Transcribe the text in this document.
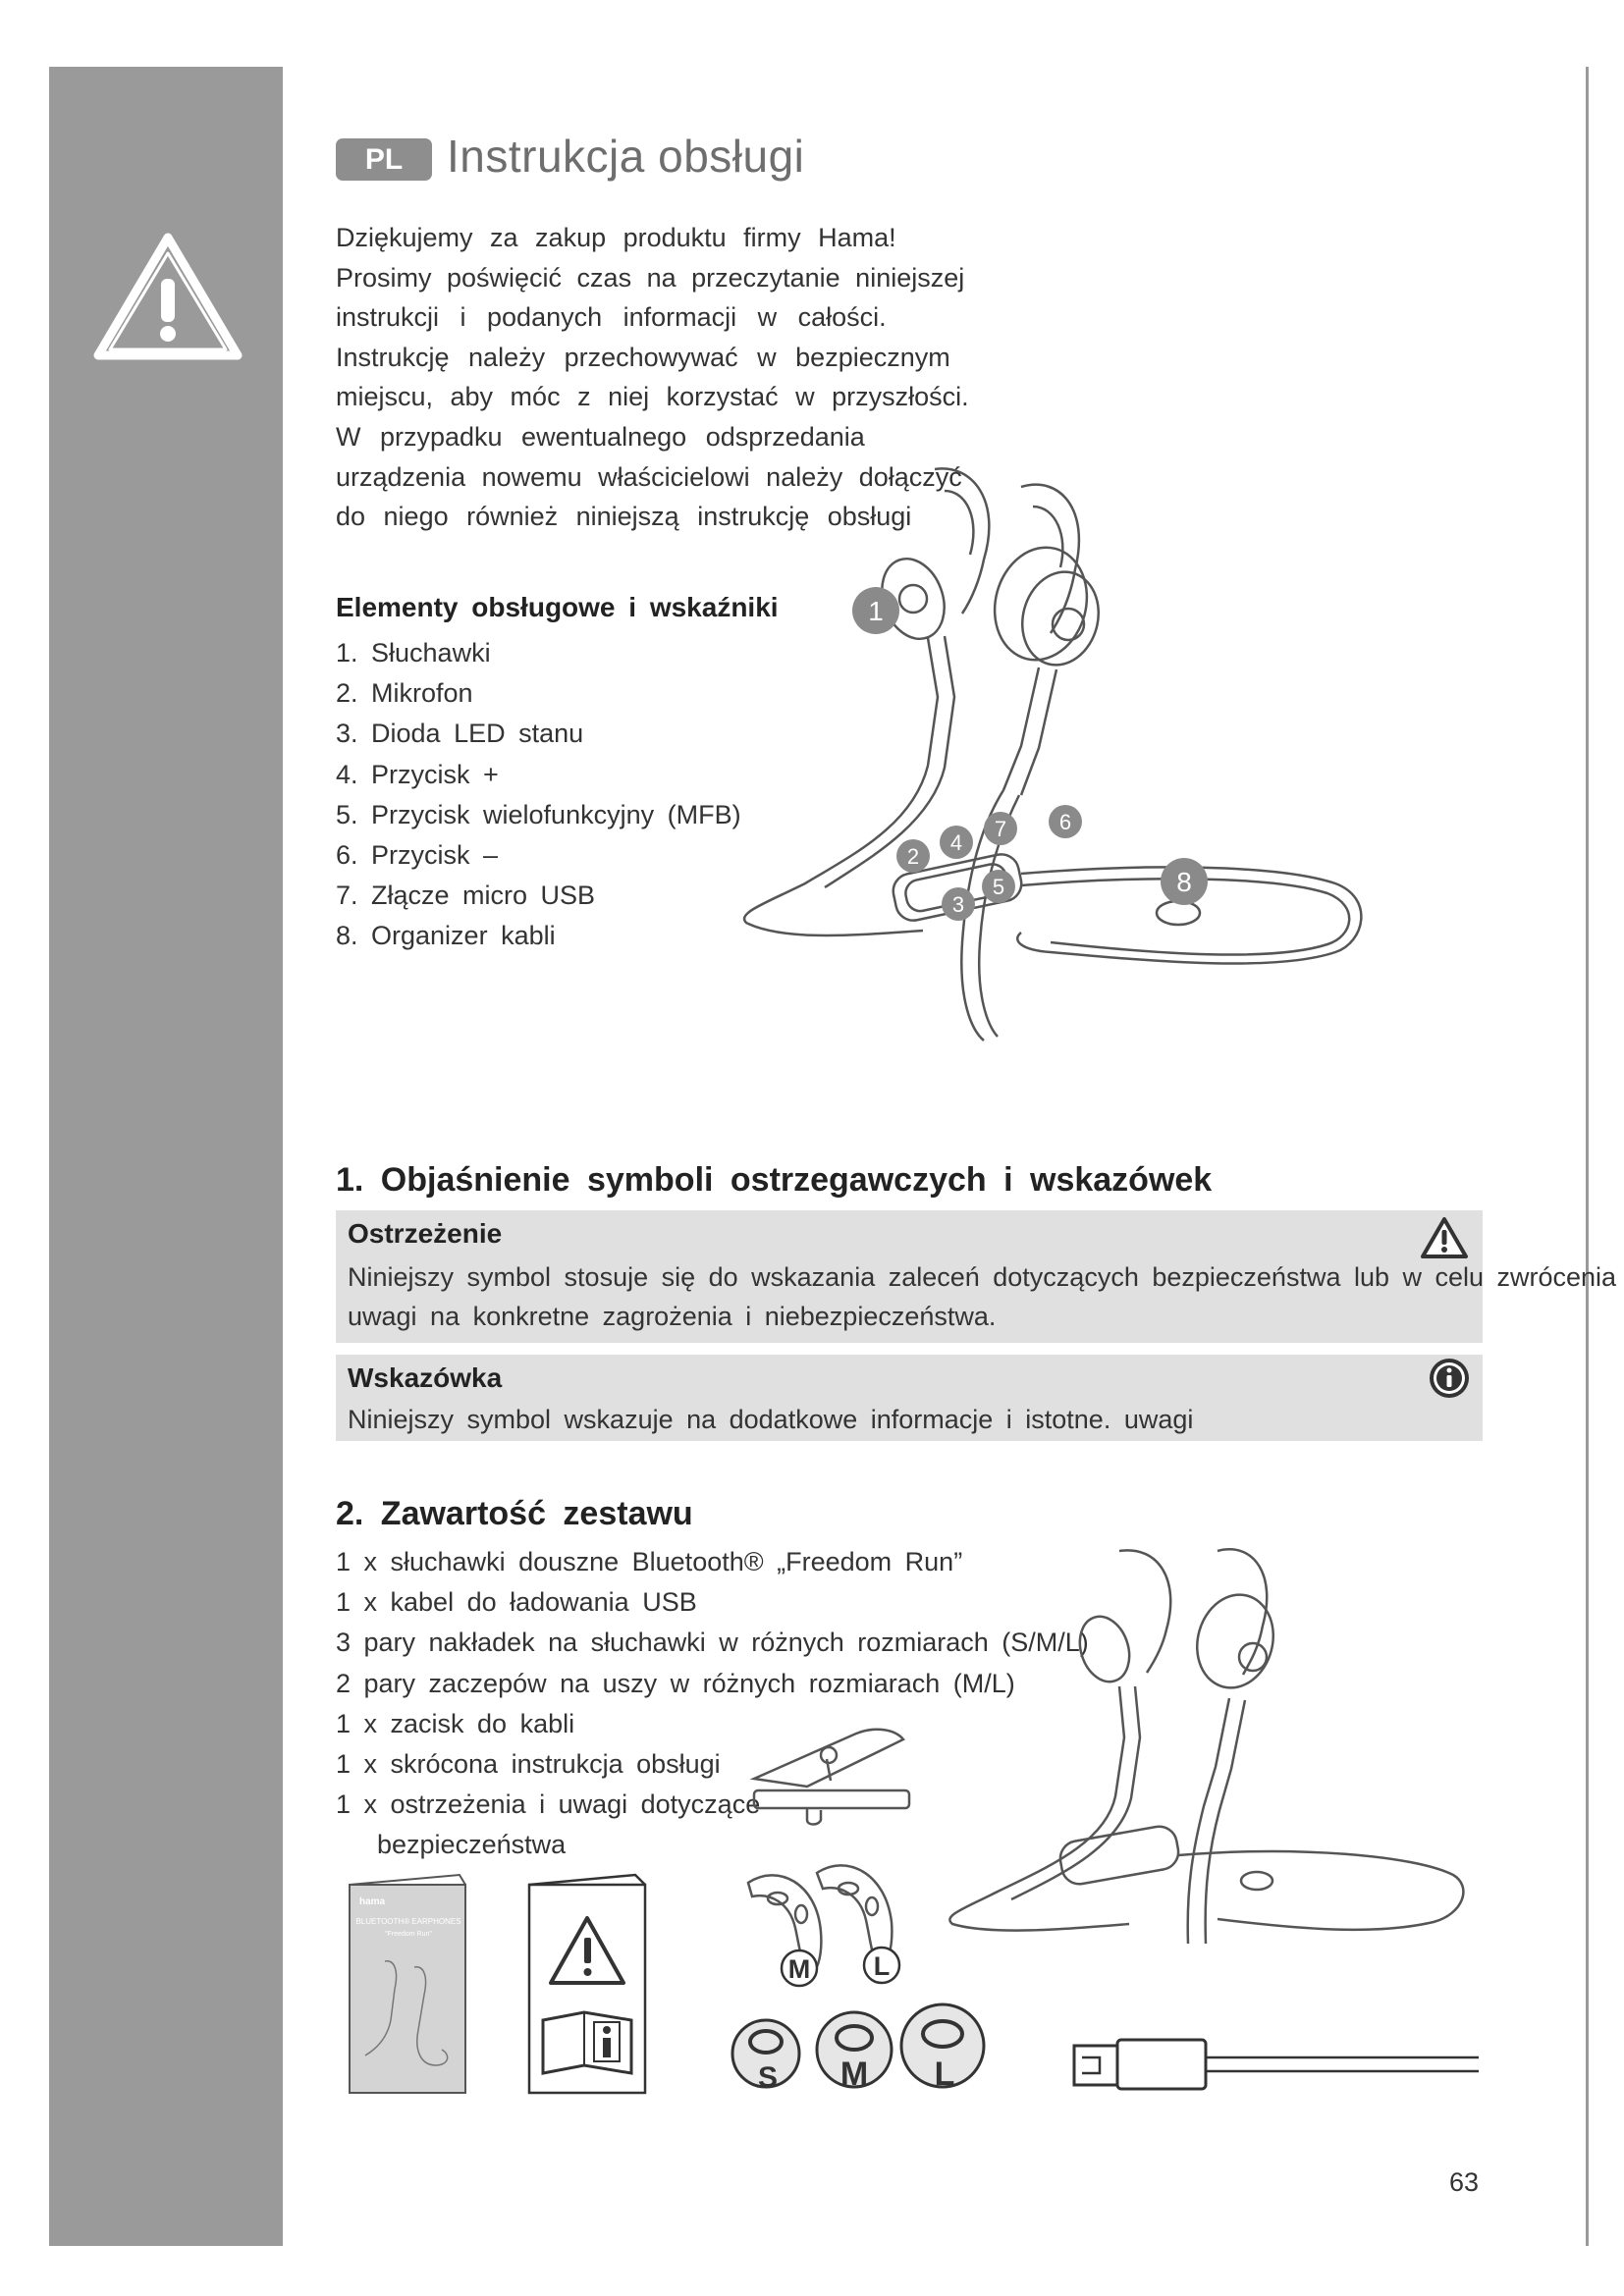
PL Instrukcja obsługi
Dziękujemy za zakup produktu firmy Hama!
Prosimy poświęcić czas na przeczytanie niniejszej
instrukcji i podanych informacji w całości.
Instrukcję należy przechowywać w bezpiecznym
miejscu, aby móc z niej korzystać w przyszłości.
W przypadku ewentualnego odsprzedania
urządzenia nowemu właścicielowi należy dołączyć
do niego również niniejszą instrukcję obsługi
Elementy obsługowe i wskaźniki
1. Słuchawki
2. Mikrofon
3. Dioda LED stanu
4. Przycisk +
5. Przycisk wielofunkcyjny (MFB)
6. Przycisk –
7. Złącze micro USB
8. Organizer kabli
1
2
3
4
5
6
7
8
1. Objaśnienie symboli ostrzegawczych i wskazówek
Ostrzeżenie
Niniejszy symbol stosuje się do wskazania zaleceń dotyczących bezpieczeństwa lub w celu zwrócenia
uwagi na konkretne zagrożenia i niebezpieczeństwa.
Wskazówka
Niniejszy symbol wskazuje na dodatkowe informacje i istotne. uwagi
2. Zawartość zestawu
1 x słuchawki douszne Bluetooth® „Freedom Run”
1 x kabel do ładowania USB
3 pary nakładek na słuchawki w różnych rozmiarach (S/M/L)
2 pary zaczepów na uszy w różnych rozmiarach (M/L)
1 x zacisk do kabli
1 x skrócona instrukcja obsługi
1 x ostrzeżenia i uwagi dotyczące
bezpieczeństwa
hama
BLUETOOTH® EARPHONES
"Freedom Run"
M L
S M L
63
